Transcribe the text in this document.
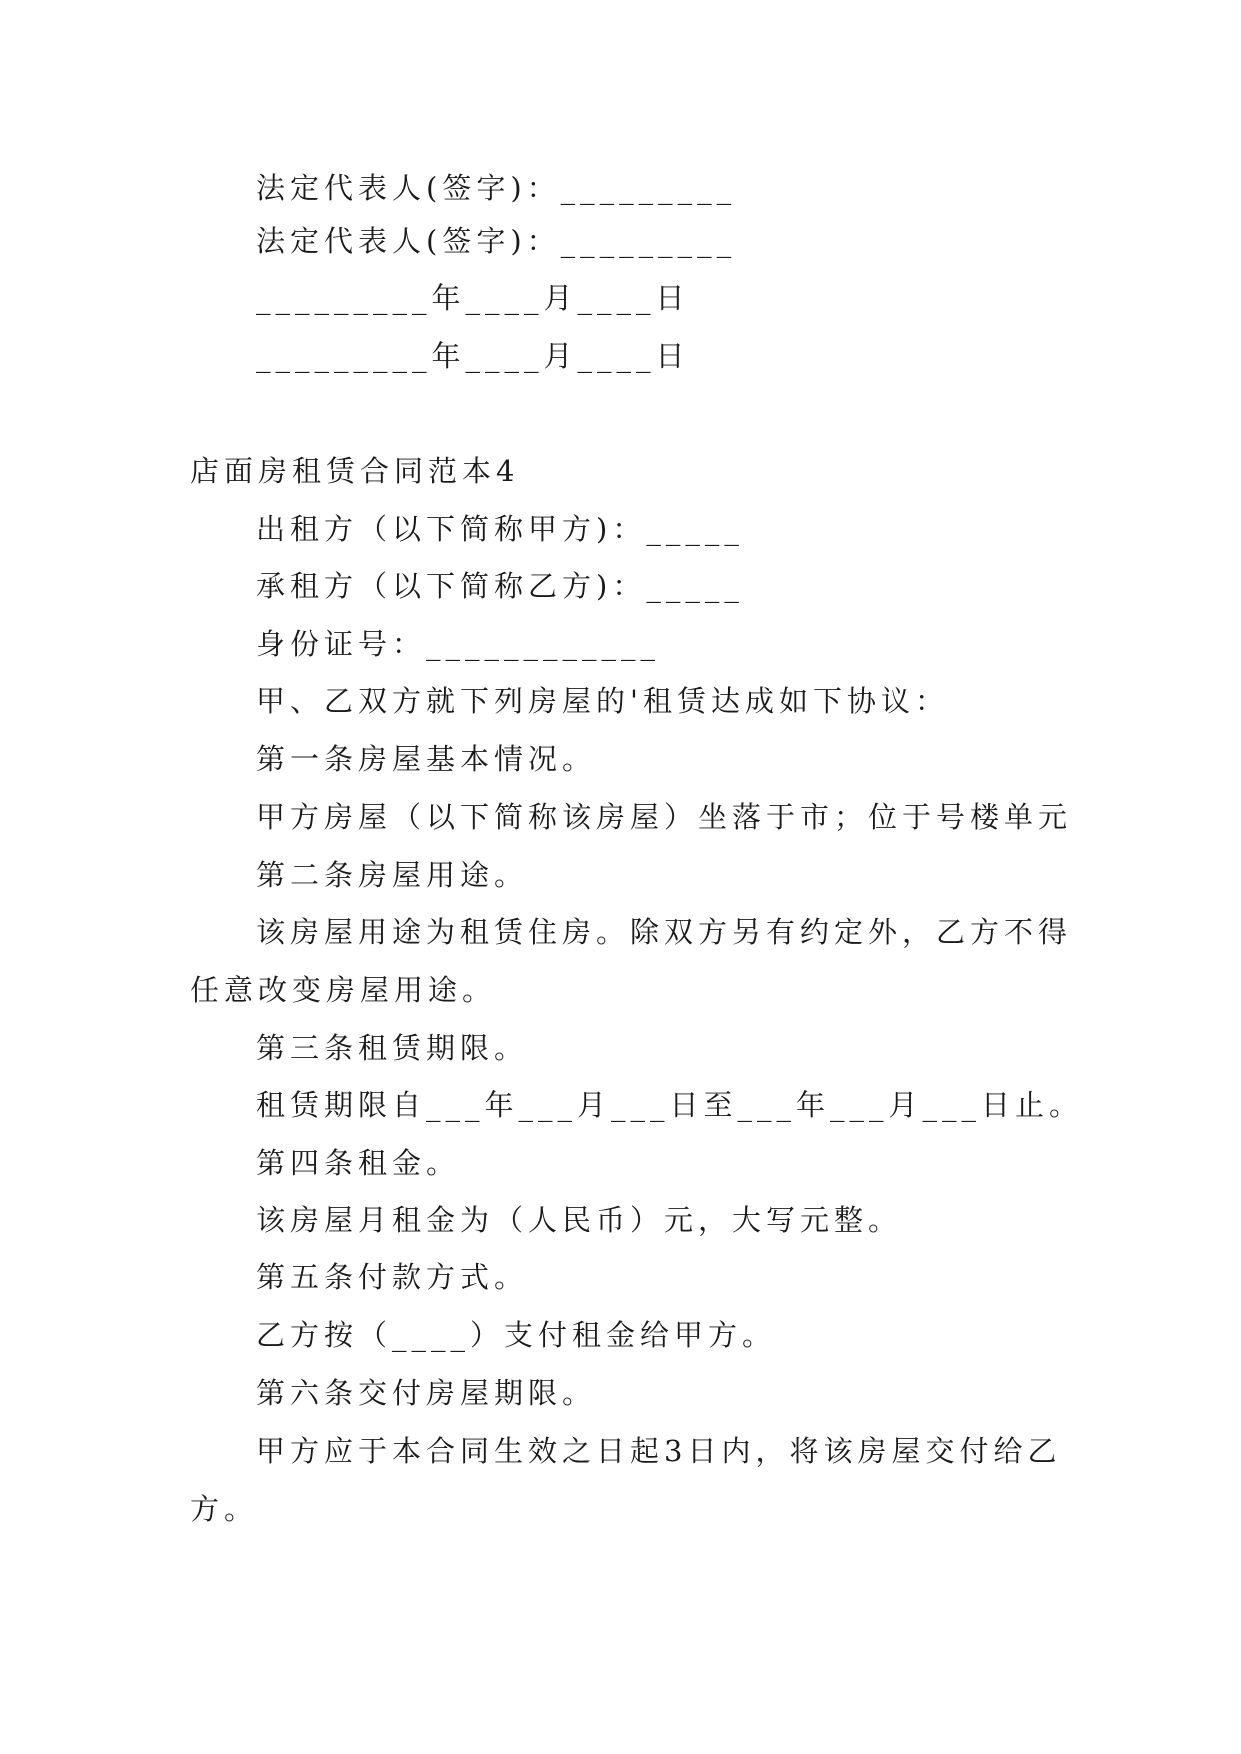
法定代表人(签字)：_________
法定代表人(签字)：_________
_________年____月____日
_________年____月____日
店面房租赁合同范本4
出租方（以下简称甲方)：_____
承租方（以下简称乙方)：_____
身份证号：____________
甲、乙双方就下列房屋的'租赁达成如下协议：
第一条房屋基本情况。
甲方房屋（以下简称该房屋）坐落于市；位于号楼单元
第二条房屋用途。
该房屋用途为租赁住房。除双方另有约定外，乙方不得
任意改变房屋用途。
第三条租赁期限。
租赁期限自___年___月___日至___年___月___日止。
第四条租金。
该房屋月租金为（人民币）元，大写元整。
第五条付款方式。
乙方按（____）支付租金给甲方。
第六条交付房屋期限。
甲方应于本合同生效之日起3日内，将该房屋交付给乙
方。
